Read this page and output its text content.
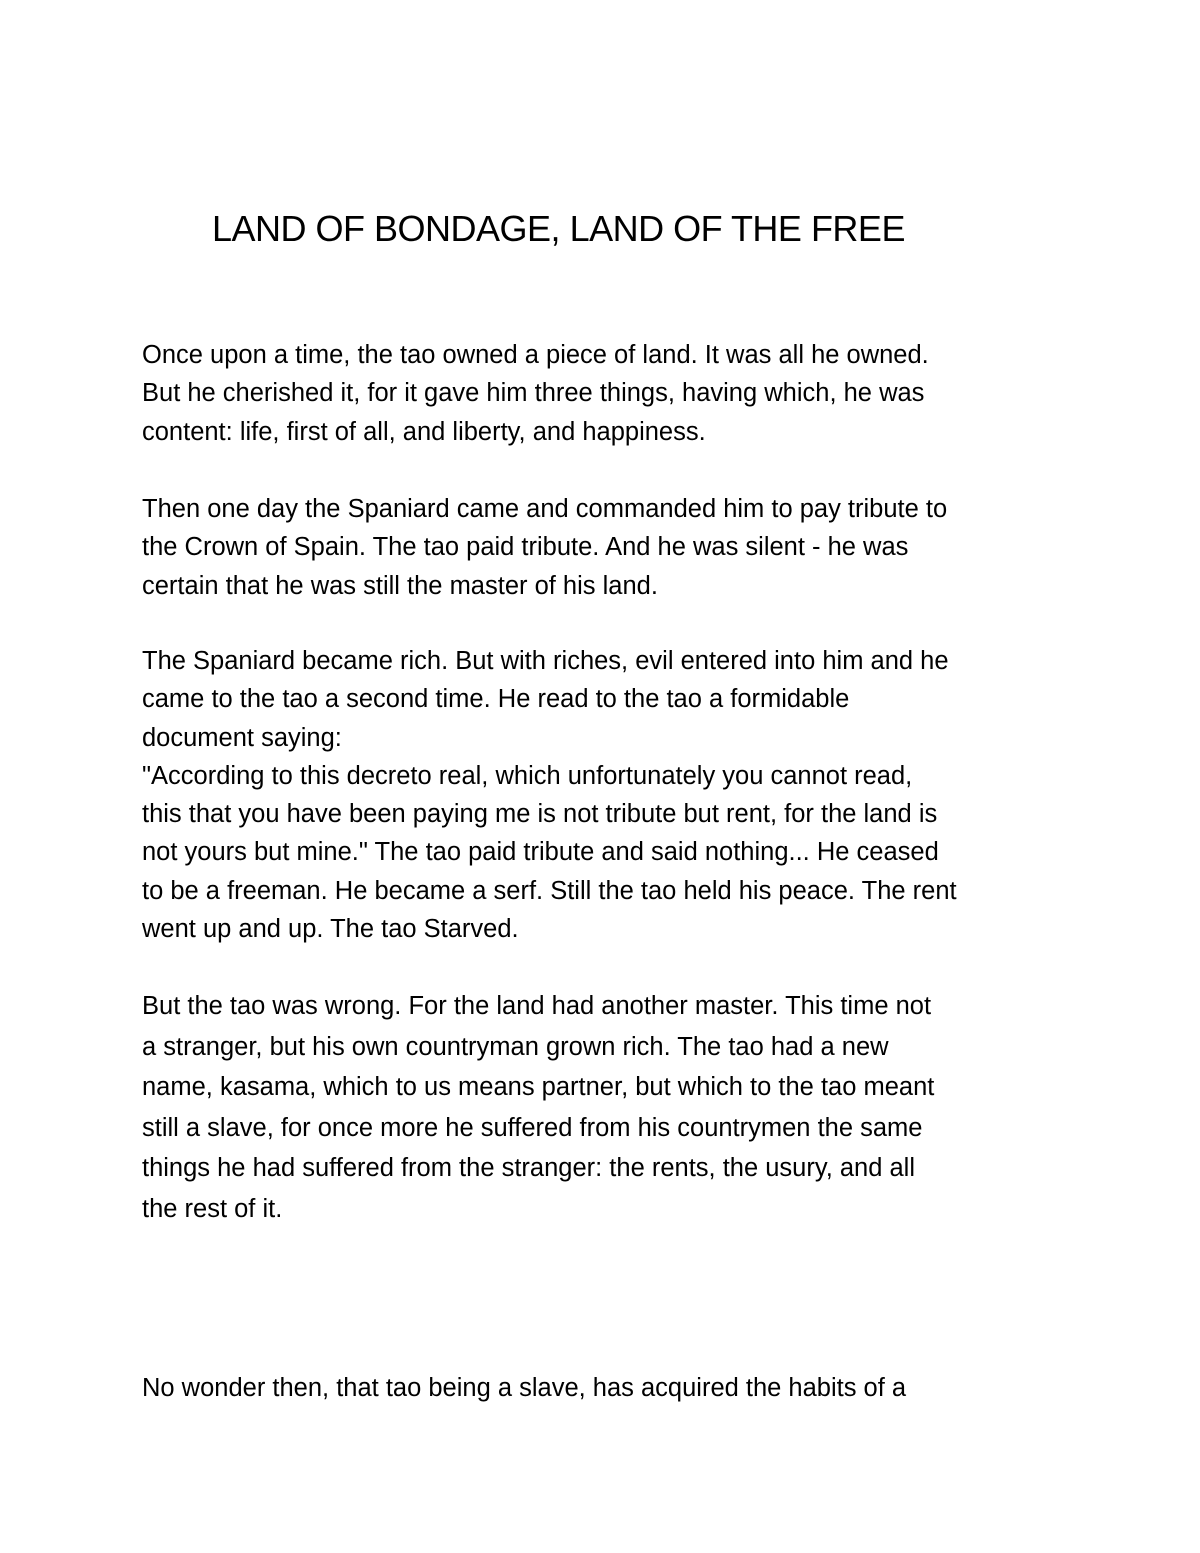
LAND OF BONDAGE, LAND OF THE FREE
Once upon a time, the tao owned a piece of land. It was all he owned.
But he cherished it, for it gave him three things, having which, he was
content: life, first of all, and liberty, and happiness.
Then one day the Spaniard came and commanded him to pay tribute to
the Crown of Spain. The tao paid tribute. And he was silent - he was
certain that he was still the master of his land.
The Spaniard became rich. But with riches, evil entered into him and he
came to the tao a second time. He read to the tao a formidable
document saying:
"According to this decreto real, which unfortunately you cannot read,
this that you have been paying me is not tribute but rent, for the land is
not yours but mine." The tao paid tribute and said nothing... He ceased
to be a freeman. He became a serf. Still the tao held his peace. The rent
went up and up. The tao Starved.
But the tao was wrong. For the land had another master. This time not
a stranger, but his own countryman grown rich. The tao had a new
name, kasama, which to us means partner, but which to the tao meant
still a slave, for once more he suffered from his countrymen the same
things he had suffered from the stranger: the rents, the usury, and all
the rest of it.
No wonder then, that tao being a slave, has acquired the habits of a
